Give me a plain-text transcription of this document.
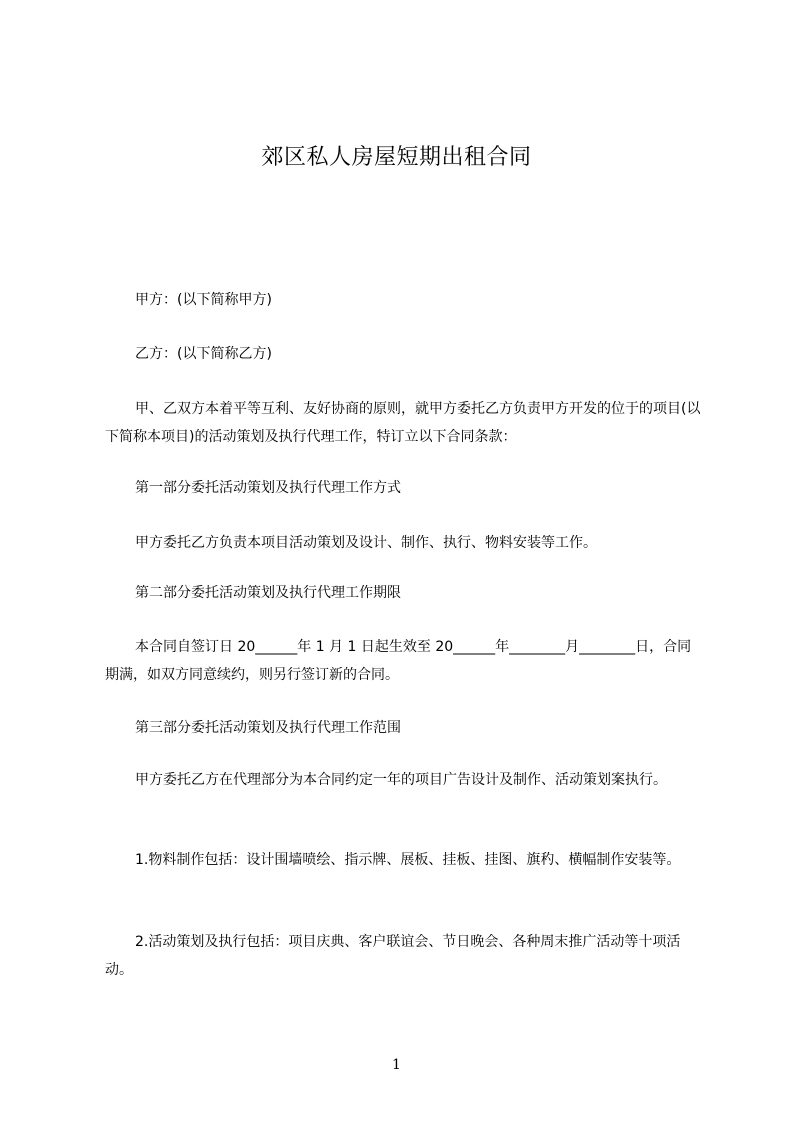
郊区私人房屋短期出租合同
甲方：(以下简称甲方)
乙方：(以下简称乙方)
甲、乙双方本着平等互利、友好协商的原则，就甲方委托乙方负责甲方开发的位于的项目(以下简称本项目)的活动策划及执行代理工作，特订立以下合同条款：
第一部分委托活动策划及执行代理工作方式
甲方委托乙方负责本项目活动策划及设计、制作、执行、物料安装等工作。
第二部分委托活动策划及执行代理工作期限
本合同自签订日 20______年 1 月 1 日起生效至 20______年________月________日，合同期满，如双方同意续约，则另行签订新的合同。
第三部分委托活动策划及执行代理工作范围
甲方委托乙方在代理部分为本合同约定一年的项目广告设计及制作、活动策划案执行。
1.物料制作包括：设计围墙喷绘、指示牌、展板、挂板、挂图、旗䄪、横幅制作安装等。
2.活动策划及执行包括：项目庆典、客户联谊会、节日晚会、各种周末推广活动等十项活动。
1
